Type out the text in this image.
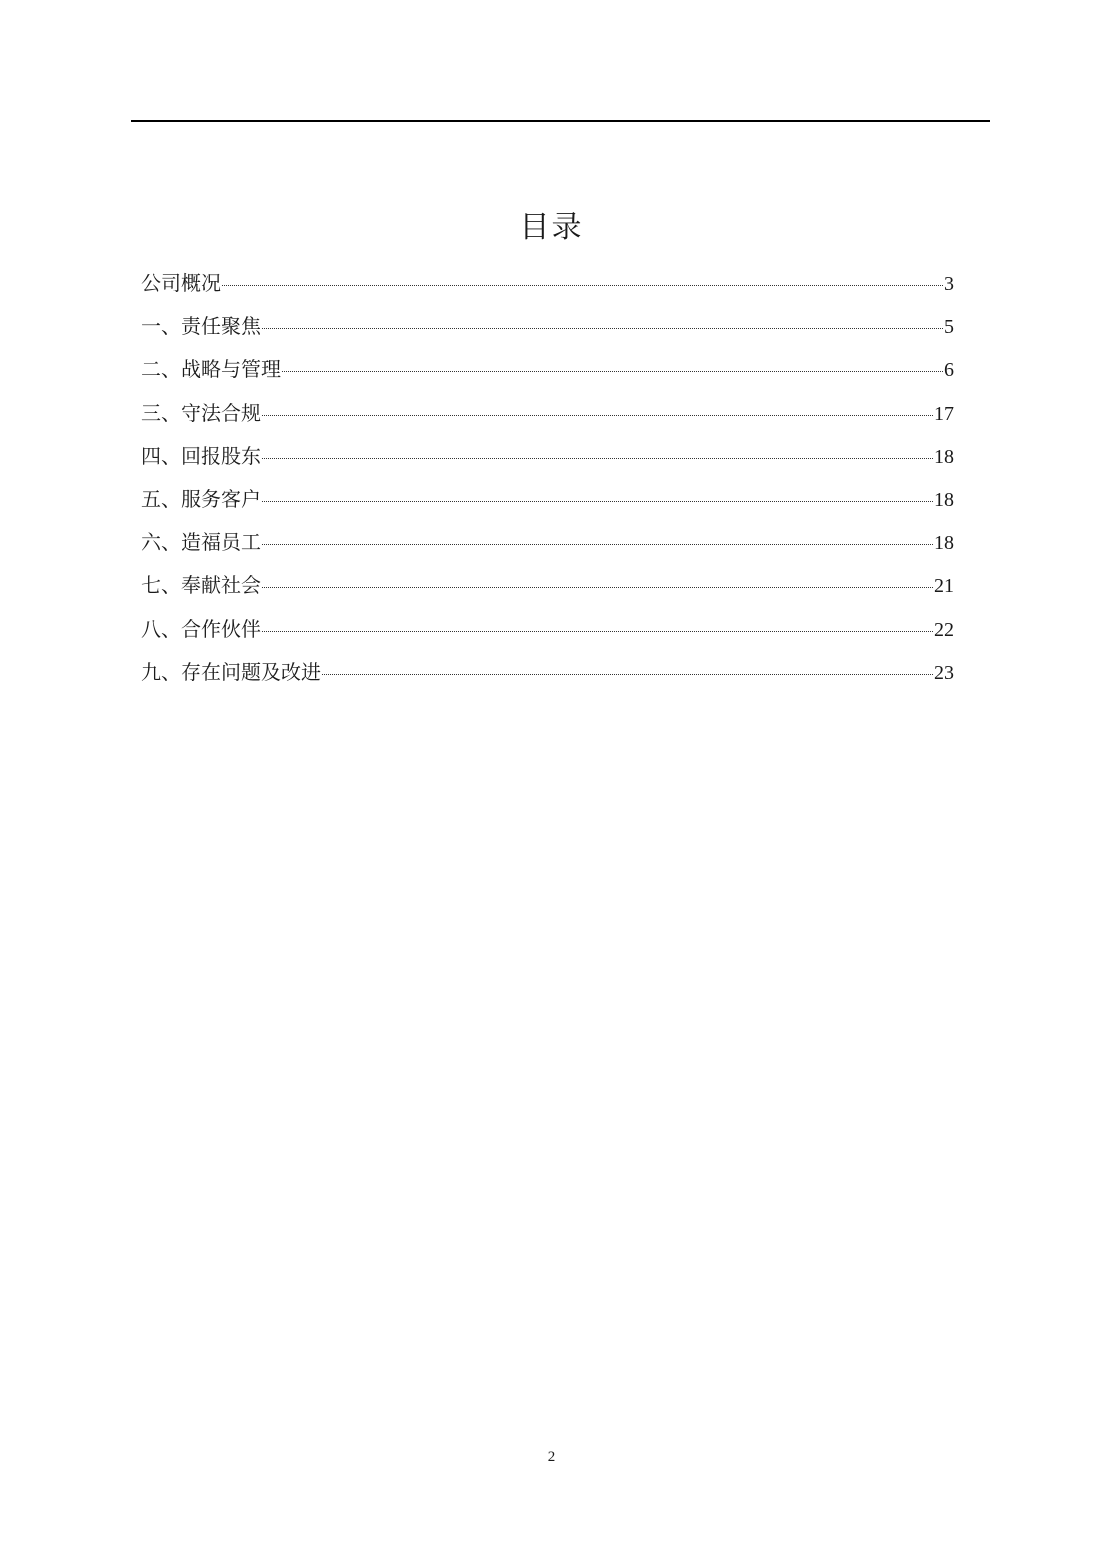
目录
公司概况	3
一、责任聚焦	5
二、战略与管理	6
三、守法合规	17
四、回报股东	18
五、服务客户	18
六、造福员工	18
七、奉献社会	21
八、合作伙伴	22
九、存在问题及改进	23
2
